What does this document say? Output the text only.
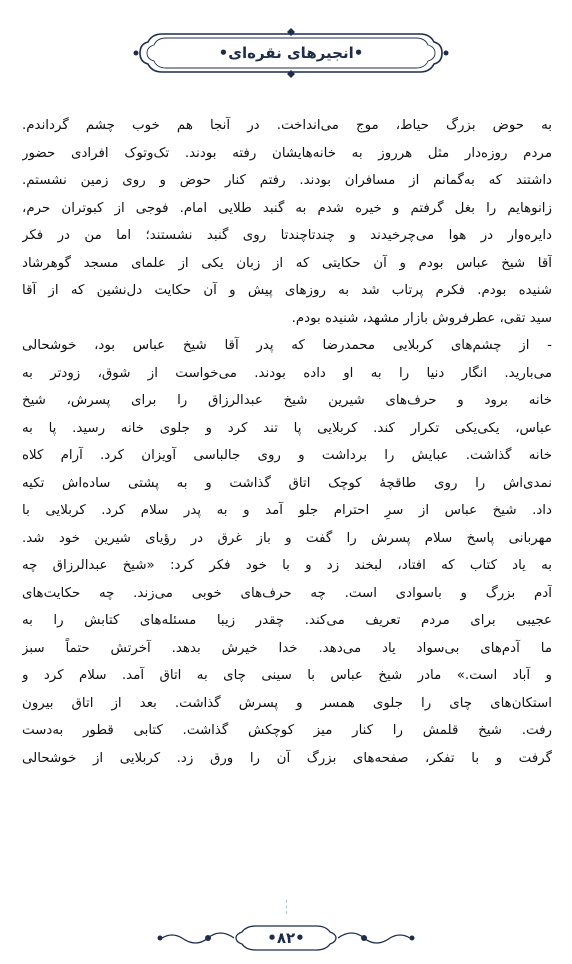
•انجیرهای نقره‌ای•
به حوض بزرگ حیاط، موج می‌انداخت. در آنجا هم خوب چشم گرداندم.
مردم روزه‌دار مثل هرروز به خانه‌هایشان رفته بودند. تک‌وتوک افرادی حضور
داشتند که به‌گمانم از مسافران بودند. رفتم کنار حوض و روی زمین نشستم.
زانوهایم را بغل گرفتم و خیره شدم به گنبد طلایی امام. فوجی از کبوتران حرم،
دایره‌وار در هوا می‌چرخیدند و چندتاچندتا روی گنبد نشستند؛ اما من در فکر
آقا شیخ عباس بودم و آن حکایتی که از زبان یکی از علمای مسجد گوهرشاد
شنیده بودم. فکرم پرتاب شد به روزهای پیش و آن حکایت دل‌نشین که از آقا
سید تقی، عطرفروش بازار مشهد، شنیده بودم.
- از چشم‌های کربلایی محمدرضا که پدر آقا شیخ عباس بود، خوشحالی
می‌بارید. انگار دنیا را به او داده بودند. می‌خواست از شوق، زودتر به
خانه برود و حرف‌های شیرین شیخ عبدالرزاق را برای پسرش، شیخ
عباس، یکی‌یکی تکرار کند. کربلایی پا تند کرد و جلوی خانه رسید. پا به
خانه گذاشت. عبایش را برداشت و روی جالباسی آویزان کرد. آرام کلاه
نمدی‌اش را روی طاقچهٔ کوچک اتاق گذاشت و به پشتی ساده‌اش تکیه
داد. شیخ عباس از سرِ احترام جلو آمد و به پدر سلام کرد. کربلایی با
مهربانی پاسخ سلام پسرش را گفت و باز غرق در رؤیای شیرین خود شد.
به یاد کتاب که افتاد، لبخند زد و با خود فکر کرد: «شیخ عبدالرزاق چه
آدم بزرگ و باسوادی است. چه حرف‌های خوبی می‌زند. چه حکایت‌های
عجیبی برای مردم تعریف می‌کند. چقدر زیبا مسئله‌های کتابش را به
ما آدم‌های بی‌سواد یاد می‌دهد. خدا خیرش بدهد. آخرتش حتماً سبز
و آباد است.» مادر شیخ عباس با سینی چای به اتاق آمد. سلام کرد و
استکان‌های چای را جلوی همسر و پسرش گذاشت. بعد از اتاق بیرون
رفت. شیخ قلمش را کنار میز کوچکش گذاشت. کتابی قطور به‌دست
گرفت و با تفکر، صفحه‌های بزرگ آن را ورق زد. کربلایی از خوشحالی
•۸۲•
